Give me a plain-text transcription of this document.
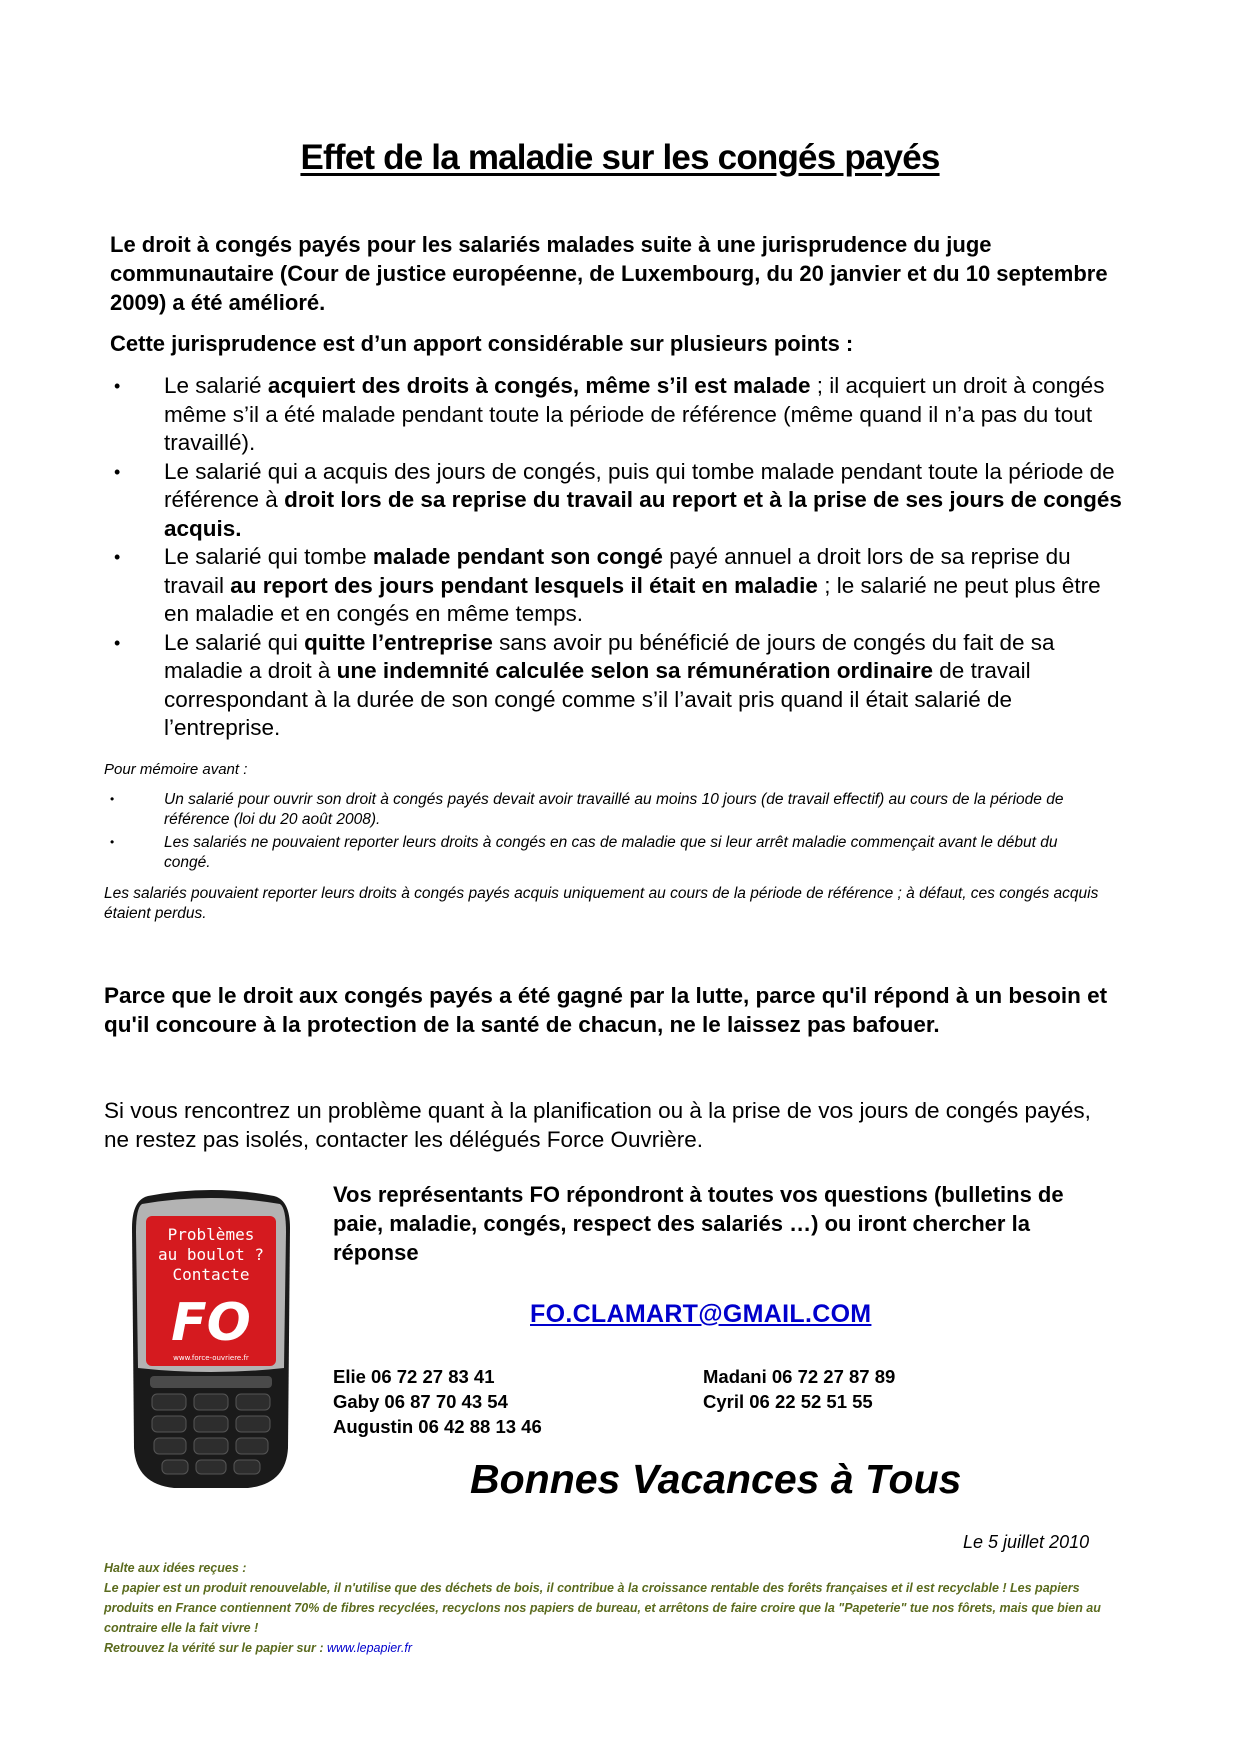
Effet de la maladie sur les congés payés
Le droit à congés payés pour les salariés malades suite à une jurisprudence du juge communautaire (Cour de justice européenne, de Luxembourg, du 20 janvier et du 10 septembre 2009) a été amélioré.
Cette jurisprudence est d’un apport considérable sur plusieurs points :
• Le salarié acquiert des droits à congés, même s’il est malade ; il acquiert un droit à congés même s’il a été malade pendant toute la période de référence (même quand il n’a pas du tout travaillé).
• Le salarié qui a acquis des jours de congés, puis qui tombe malade pendant toute la période de référence à droit lors de sa reprise du travail au report et à la prise de ses jours de congés acquis.
• Le salarié qui tombe malade pendant son congé payé annuel a droit lors de sa reprise du travail au report des jours pendant lesquels il était en maladie ; le salarié ne peut plus être en maladie et en congés en même temps.
• Le salarié qui quitte l’entreprise sans avoir pu bénéficié de jours de congés du fait de sa maladie a droit à une indemnité calculée selon sa rémunération ordinaire de travail correspondant à la durée de son congé comme s’il l’avait pris quand il était salarié de l’entreprise.
Pour mémoire avant :
•	Un salarié pour ouvrir son droit à congés payés devait avoir travaillé au moins 10 jours (de travail effectif) au cours de la période de référence (loi du 20 août 2008).
•	Les salariés ne pouvaient reporter leurs droits à congés en cas de maladie que si leur arrêt maladie commençait avant le début du congé.
Les salariés pouvaient reporter leurs droits à congés payés acquis uniquement au cours de la période de référence ; à défaut, ces congés acquis étaient perdus.
Parce que le droit aux congés payés a été gagné par la lutte, parce qu'il répond à un besoin et qu'il concoure à la protection de la santé de chacun, ne le laissez pas bafouer.
Si vous rencontrez un problème quant à la planification ou à la prise de vos jours de congés payés, ne restez pas isolés, contacter les délégués Force Ouvrière.
Problèmes
au boulot ?
Contacte
FO
www.force-ouvriere.fr
Vos représentants FO répondront à toutes vos questions (bulletins de paie, maladie, congés, respect des salariés …) ou iront chercher la réponse
FO.CLAMART@GMAIL.COM
Elie 06 72 27 83 41
Gaby 06 87 70 43 54
Augustin 06 42 88 13 46
Madani 06 72 27 87 89
Cyril 06 22 52 51 55
Bonnes Vacances à Tous
Le 5 juillet 2010
Halte aux idées reçues :
Le papier est un produit renouvelable, il n'utilise que des déchets de bois, il contribue à la croissance rentable des forêts françaises et il est recyclable ! Les papiers produits en France contiennent 70% de fibres recyclées, recyclons nos papiers de bureau, et arrêtons de faire croire que la "Papeterie" tue nos fôrets, mais que bien au contraire elle la fait vivre !
Retrouvez la vérité sur le papier sur : www.lepapier.fr
